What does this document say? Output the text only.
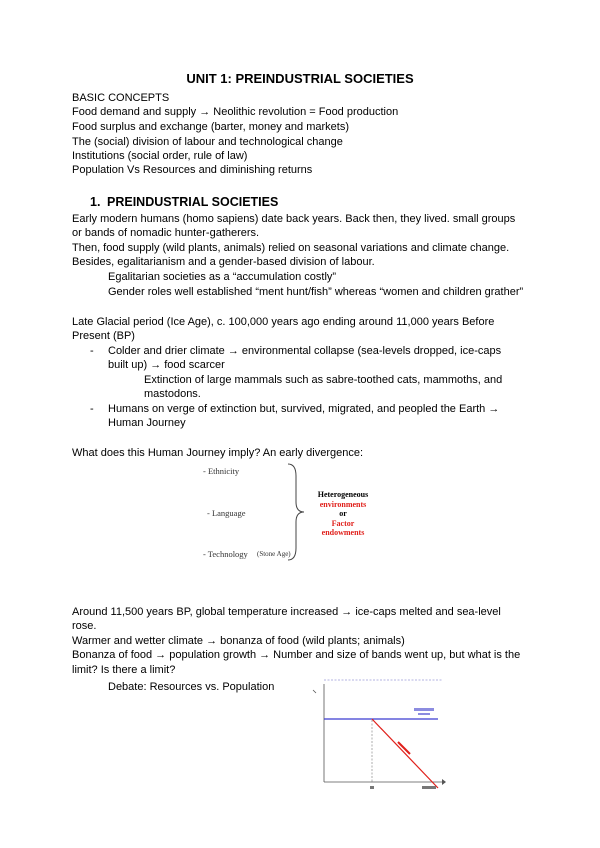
UNIT 1: PREINDUSTRIAL SOCIETIES
BASIC CONCEPTS
Food demand and supply → Neolithic revolution = Food production
Food surplus and exchange (barter, money and markets)
The (social) division of labour and technological change
Institutions (social order, rule of law)
Population Vs Resources and diminishing returns
1. PREINDUSTRIAL SOCIETIES
Early modern humans (homo sapiens) date back years. Back then, they lived. small groups
or bands of nomadic hunter-gatherers.
Then, food supply (wild plants, animals) relied on seasonal variations and climate change.
Besides, egalitarianism and a gender-based division of labour.
Egalitarian societies as a “accumulation costly”
Gender roles well established “ment hunt/fish” whereas “women and children grather”
Late Glacial period (Ice Age), c. 100,000 years ago ending around 11,000 years Before
Present (BP)
- Colder and drier climate → environmental collapse (sea-levels dropped, ice-caps
built up) → food scarcer
Extinction of large mammals such as sabre-toothed cats, mammoths, and
mastodons.
- Humans on verge of extinction but, survived, migrated, and peopled the Earth →
Human Journey
What does this Human Journey imply? An early divergence:
- Ethnicity
- Language
- Technology (Stone Age)
Heterogeneous
environments
or
Factor
endowments
Around 11,500 years BP, global temperature increased → ice-caps melted and sea-level
rose.
Warmer and wetter climate → bonanza of food (wild plants; animals)
Bonanza of food → population growth → Number and size of bands went up, but what is the
limit? Is there a limit?
Debate: Resources vs. Population
